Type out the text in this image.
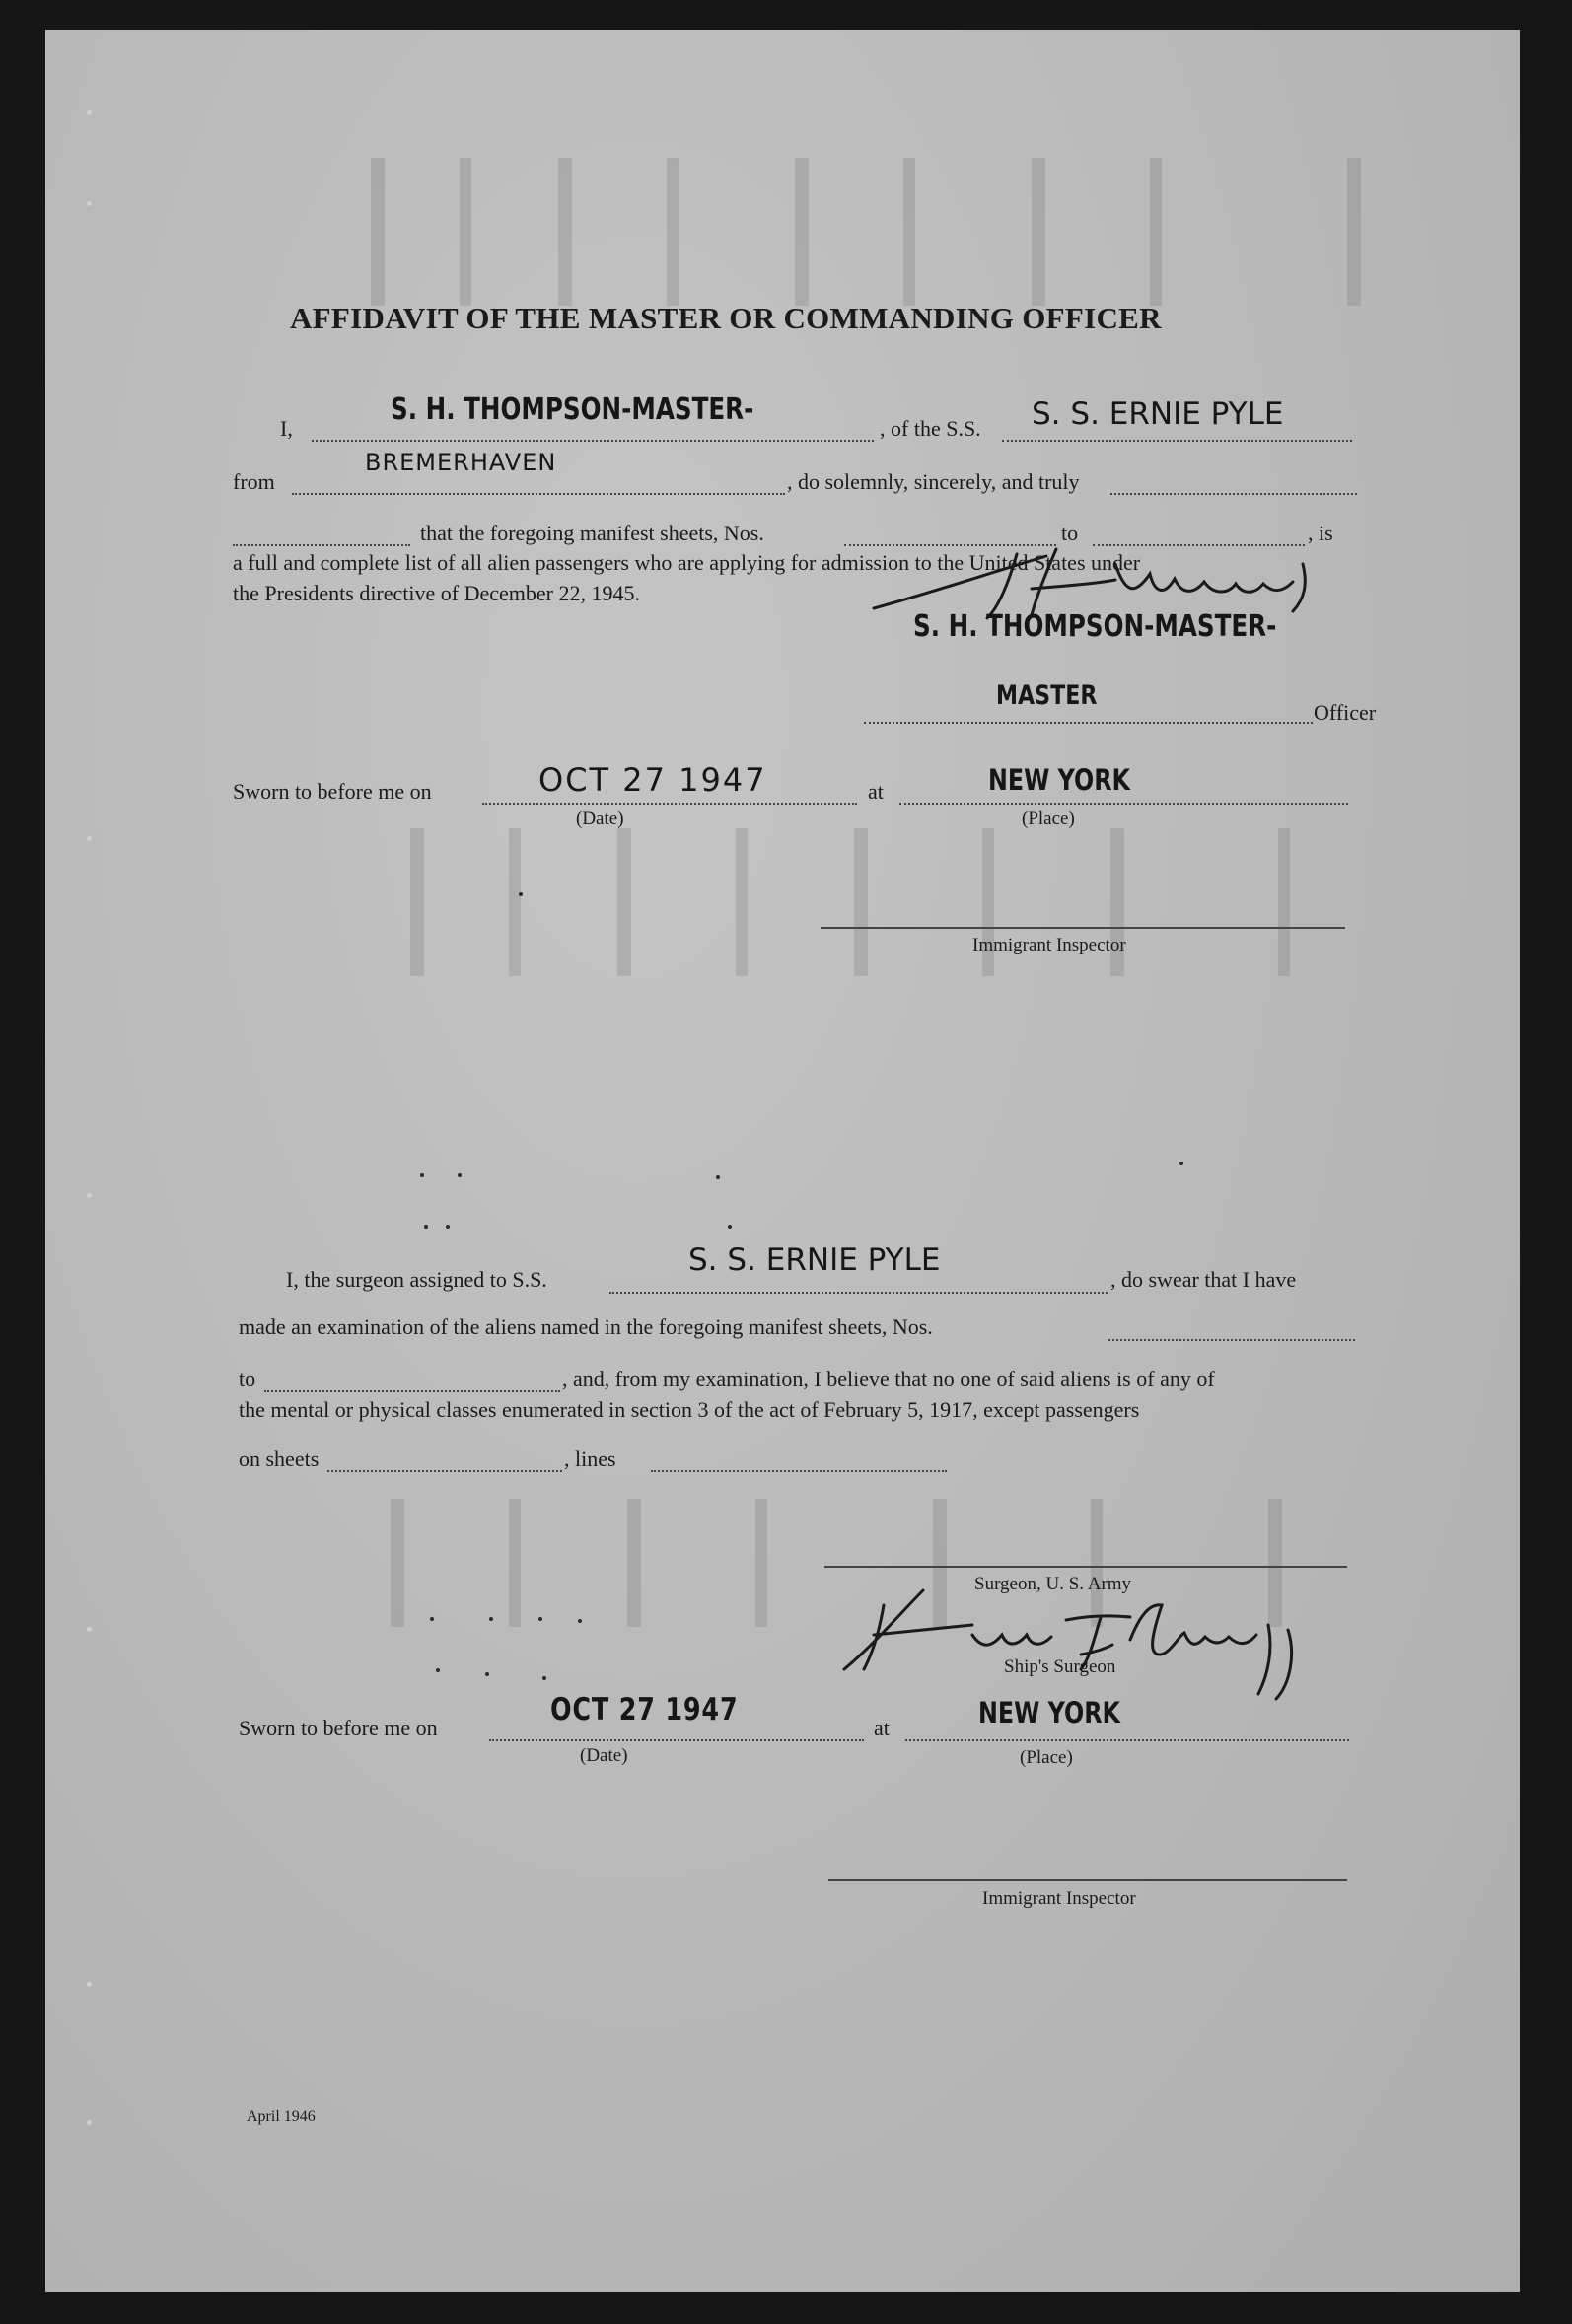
AFFIDAVIT OF THE MASTER OR COMMANDING OFFICER
I,
S. H. THOMPSON-MASTER-
, of the S.S. S. S. ERNIE PYLE
from
BREMERHAVEN
, do solemnly, sincerely, and truly
that the foregoing manifest sheets, Nos.	to	, is
a full and complete list of all alien passengers who are applying for admission to the United States under
the Presidents directive of December 22, 1945.
S. H. THOMPSON-MASTER-
MASTER
Officer
Sworn to before me on	OCT 27 1947	at	NEW YORK
(Date)	(Place)
Immigrant Inspector
I, the surgeon assigned to S.S.
S. S. ERNIE PYLE
, do swear that I have
made an examination of the aliens named in the foregoing manifest sheets, Nos.
to	, and, from my examination, I believe that no one of said aliens is of any of
the mental or physical classes enumerated in section 3 of the act of February 5, 1917, except passengers
on sheets	, lines
Surgeon, U. S. Army
Ship's Surgeon
Sworn to before me on
OCT 27 1947
at	NEW YORK
(Date)	(Place)
Immigrant Inspector
April 1946
